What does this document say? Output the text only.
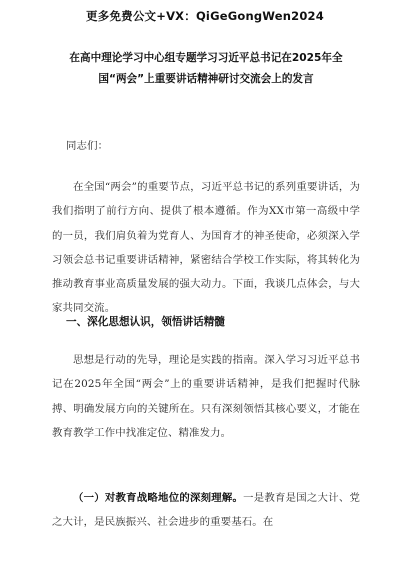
更多免费公文+VX：QiGeGongWen2024
在高中理论学习中心组专题学习习近平总书记在2025年全国“两会”上重要讲话精神研讨交流会上的发言
同志们：
在全国“两会”的重要节点，习近平总书记的系列重要讲话，为我们指明了前行方向、提供了根本遵循。作为XX市第一高级中学的一员，我们肩负着为党育人、为国育才的神圣使命，必须深入学习领会总书记重要讲话精神，紧密结合学校工作实际，将其转化为推动教育事业高质量发展的强大动力。下面，我谈几点体会，与大家共同交流。
一、深化思想认识，领悟讲话精髓
思想是行动的先导，理论是实践的指南。深入学习习近平总书记在2025年全国“两会”上的重要讲话精神，是我们把握时代脉搏、明确发展方向的关键所在。只有深刻领悟其核心要义，才能在教育教学工作中找准定位、精准发力。
（一）对教育战略地位的深刻理解。一是教育是国之大计、党之大计，是民族振兴、社会进步的重要基石。在
